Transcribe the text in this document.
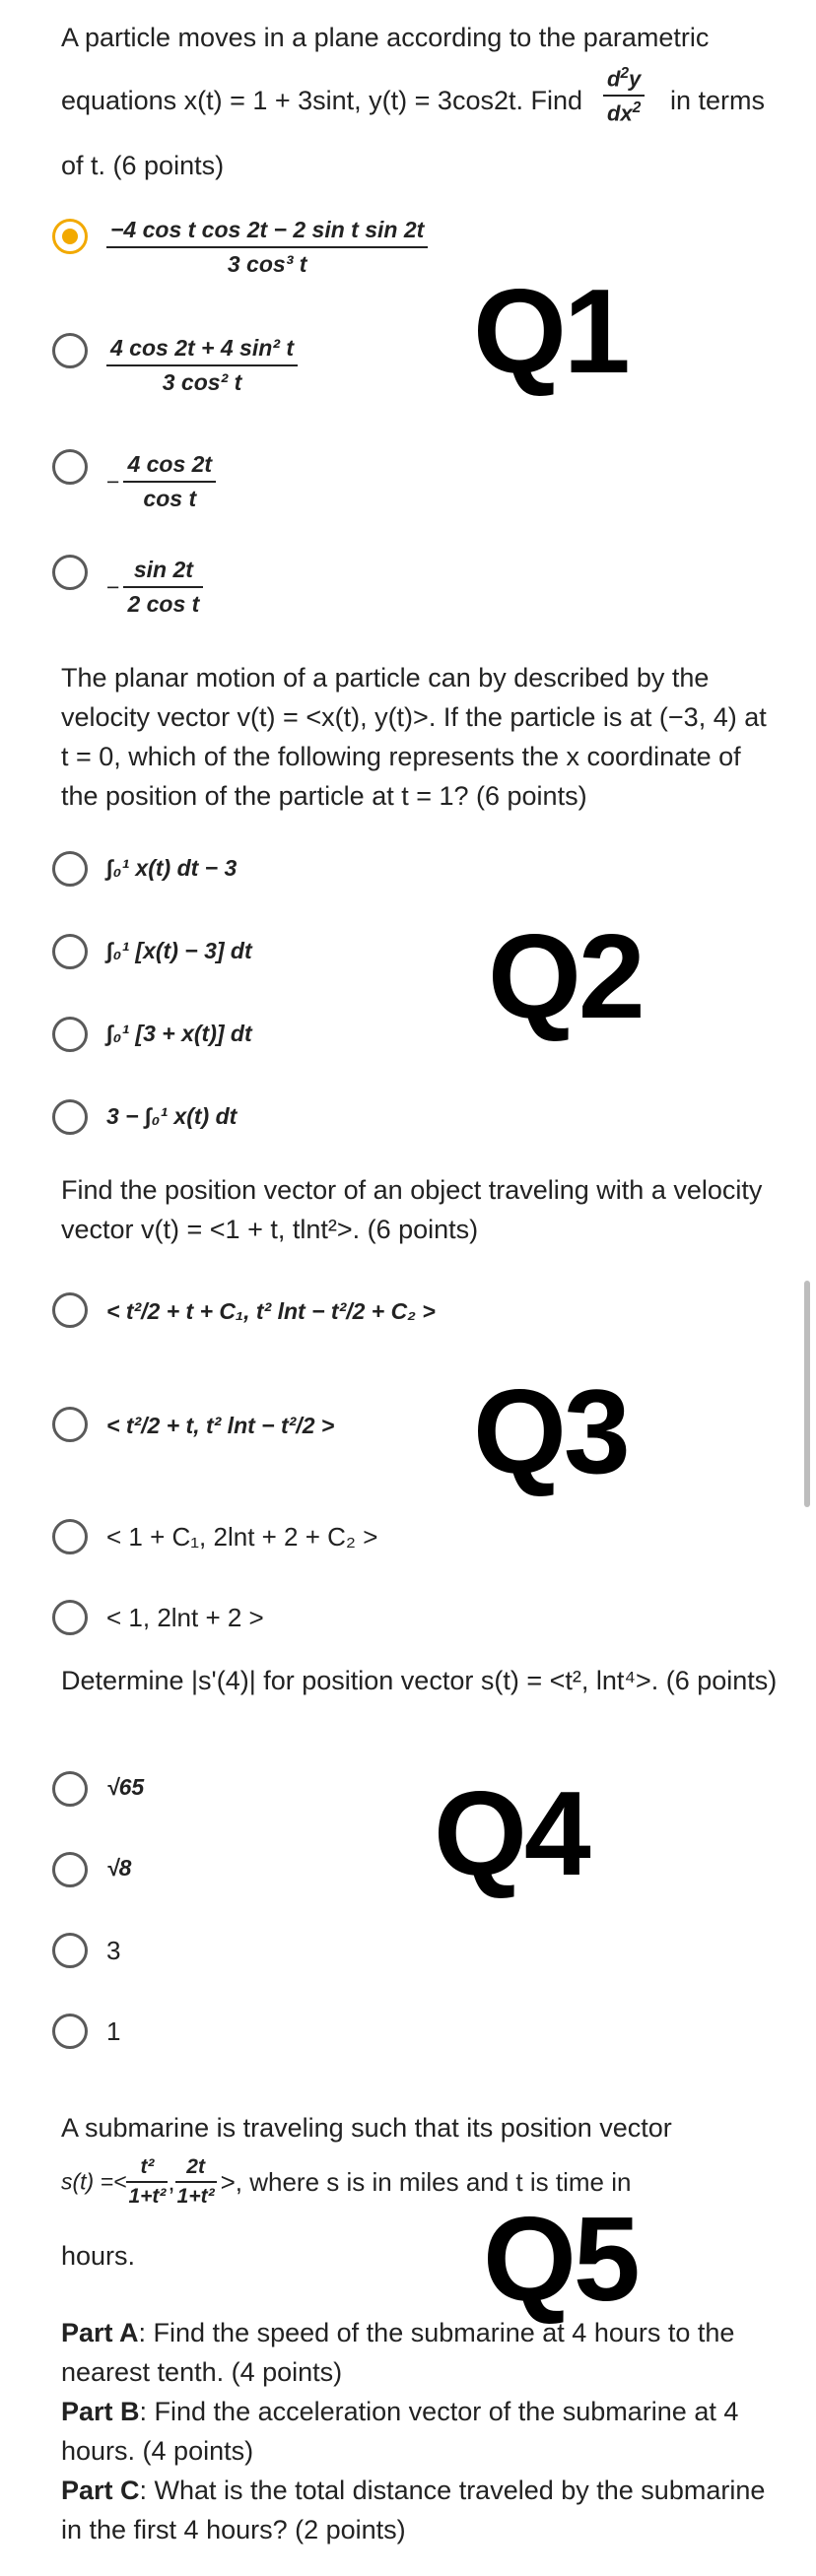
A particle moves in a plane according to the parametric
equations x(t) = 1 + 3sint, y(t) = 3cos2t. Find $\frac{d^2y}{dx^2}$ in terms
of t. (6 points)
$\frac{\text{−4 cos t cos 2t − 2 sin t sin 2t}}{\text{3 cos³ t}}$
$\frac{\text{4 cos 2t + 4 sin² t}}{\text{3 cos² t}}$
− $\frac{4 \cos 2t}{\text{cos t}}$
− $\frac{\sin 2t}{\text{2 cos t}}$
Q1
The planar motion of a particle can by described by the velocity vector v(t) = <x(t), y(t)>. If the particle is at (−3, 4) at t = 0, which of the following represents the x coordinate of the position of the particle at t = 1? (6 points)
∫₀¹ x(t) dt − 3
∫₀¹ [x(t) − 3] dt
∫₀¹ [3 + x(t)] dt
3 − ∫₀¹ x(t) dt
Q2
Find the position vector of an object traveling with a velocity vector v(t) = <1 + t, tlnt²>. (6 points)
< t²/2 + t + C₁, t² lnt − t²/2 + C₂ >
< t²/2 + t, t² lnt − t²/2 >
< 1 + C₁, 2lnt + 2 + C₂ >
< 1, 2lnt + 2 >
Q3
Determine |s'(4)| for position vector s(t) = <t², lnt⁴>. (6 points)
√65
√8
3
1
Q4
A submarine is traveling such that its position vector
$s(t) =< \frac{\text{t²}}{\text{1+t²}}$ , $\frac{2t}{\text{1+t²}}$ >, where s is in miles and t is time in
hours.	Q5
Part A: Find the speed of the submarine at 4 hours to the nearest tenth. (4 points)
Part B: Find the acceleration vector of the submarine at 4 hours. (4 points)
Part C: What is the total distance traveled by the submarine in the first 4 hours? (2 points)
